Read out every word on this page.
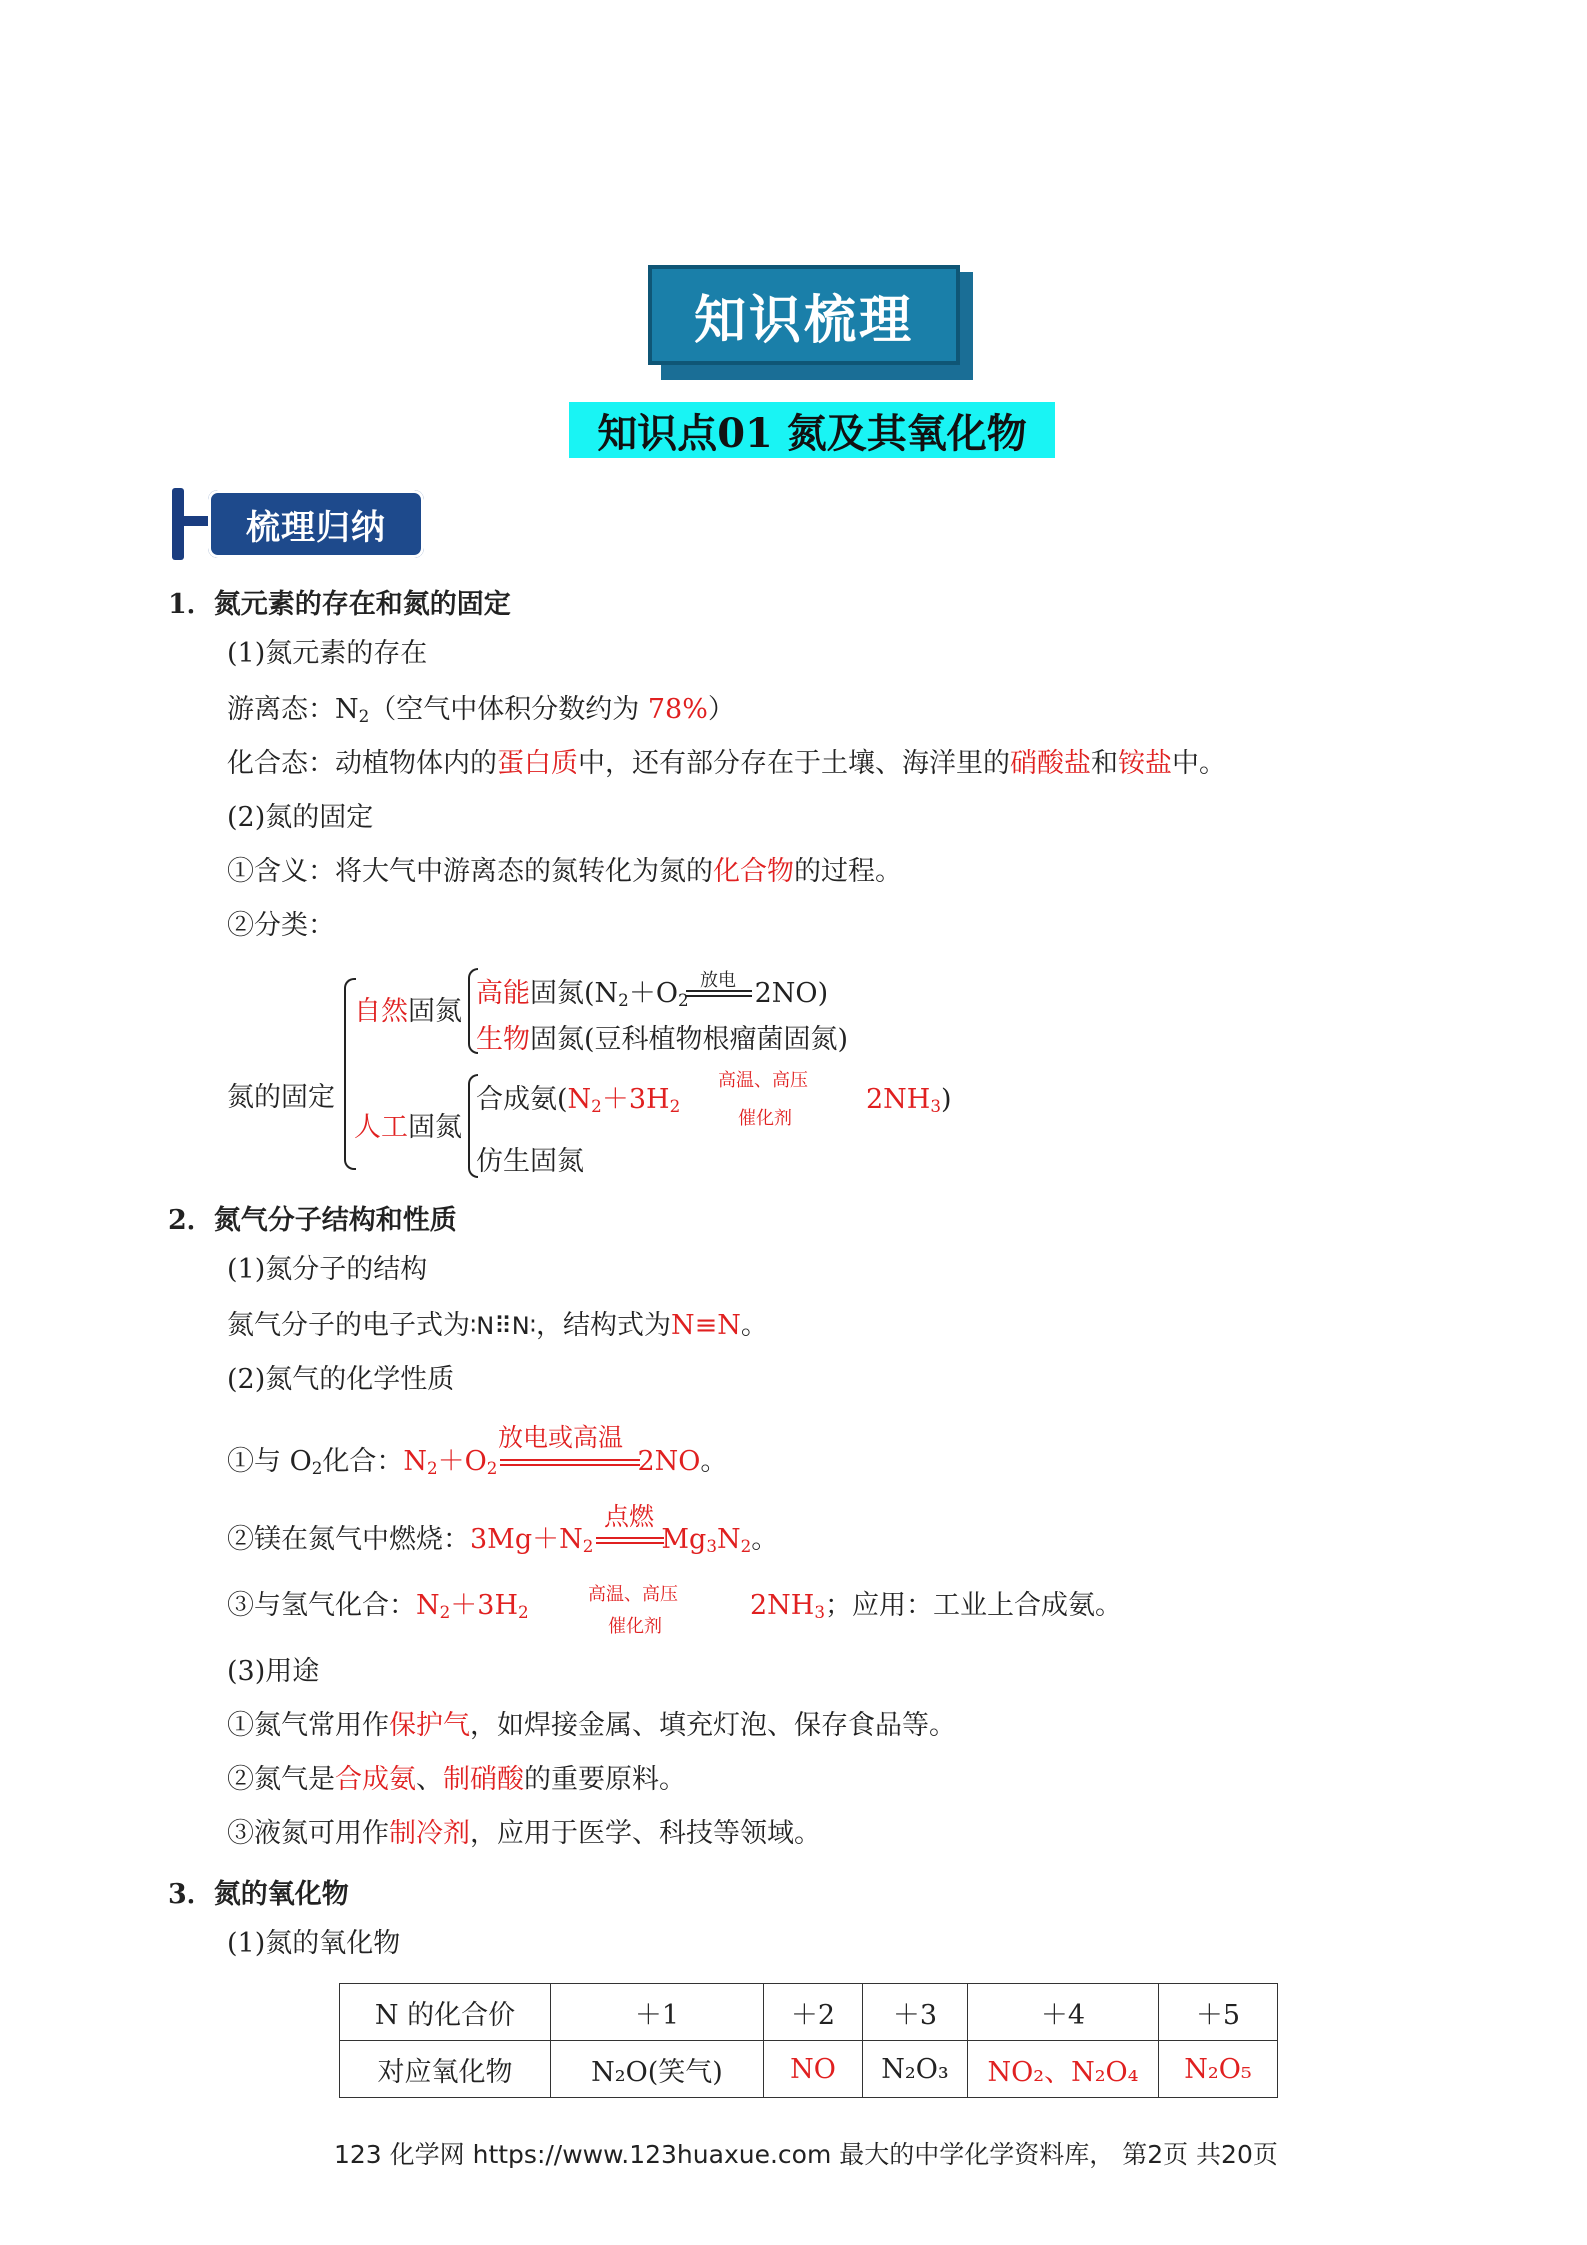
知识梳理
知识点01 氮及其氧化物
梳理归纳
1．氮元素的存在和氮的固定
(1)氮元素的存在
游离态：$N_2$（空气中体积分数约为 78%）
化合态：动植物体内的蛋白质中，还有部分存在于土壤、海洋里的硝酸盐和铵盐中。
(2)氮的固定
①含义：将大气中游离态的氮转化为氮的化合物的过程。
②分类：
氮的固定
自然固氮
人工固氮
高能固氮($N_2+O_2$ 2NO)
放电
生物固氮(豆科植物根瘤菌固氮)
合成氨($N_2+3H_2$
高温、高压
催化剂
$2NH_3$)
仿生固氮
2．氮气分子结构和性质
(1)氮分子的结构
氮气分子的电子式为∶N⠿N∶，结构式为N≡N。
(2)氮气的化学性质
放电或高温
①与 $O_2$化合：$N_2+O_2$	2NO。
点燃
②镁在氮气中燃烧：$3Mg+N_2$	$Mg_3N_2$。
高温、高压
催化剂
③与氢气化合：$N_2+3H_2$	$2NH_3$；应用：工业上合成氨。
(3)用途
①氮气常用作保护气，如焊接金属、填充灯泡、保存食品等。
②氮气是合成氨、制硝酸的重要原料。
③液氮可用作制冷剂，应用于医学、科技等领域。
3．氮的氧化物
(1)氮的氧化物
N 的化合价	＋1	＋2	＋3	＋4	＋5
对应氧化物	N₂O(笑气)	NO	N₂O₃	NO₂、N₂O₄	N₂O₅
123 化学网 https://www.123huaxue.com 最大的中学化学资料库， 第2页 共20页
